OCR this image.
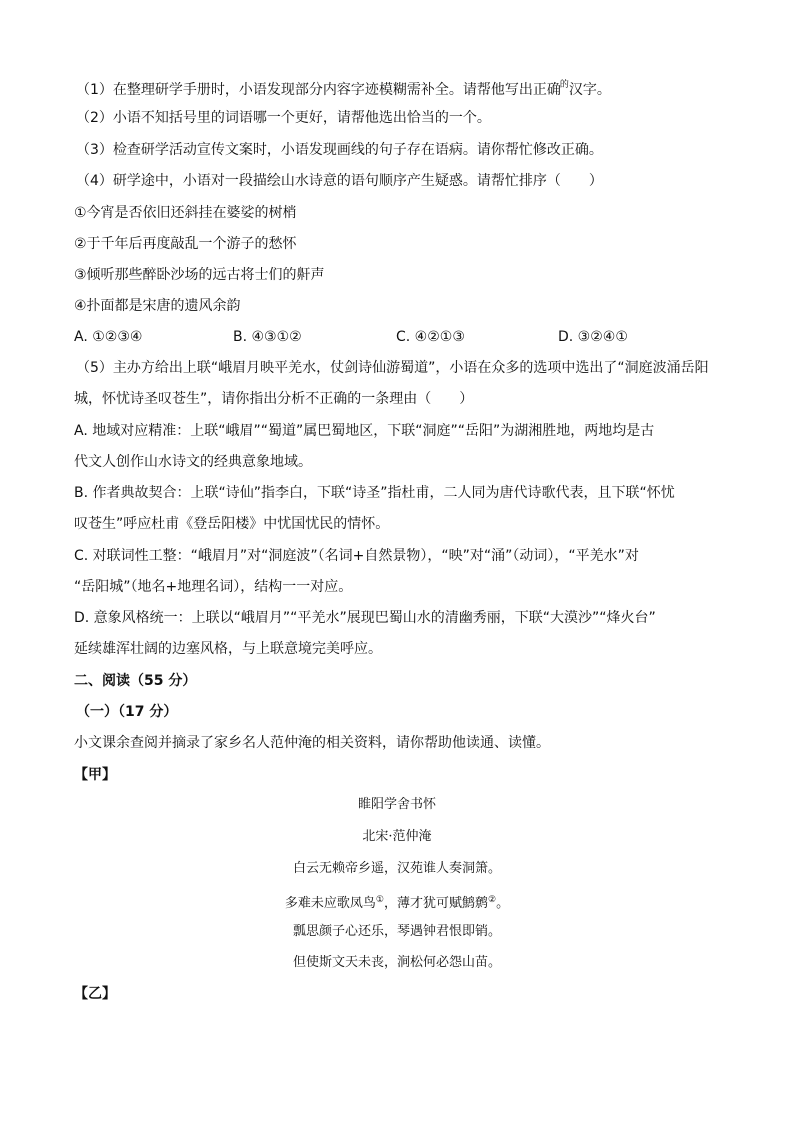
（1）在整理研学手册时，小语发现部分内容字迹模糊需补全。请帮他写出正确$^的$汉字。
（2）小语不知括号里的词语哪一个更好，请帮他选出恰当的一个。
（3）检查研学活动宣传文案时，小语发现画线的句子存在语病。请你帮忙修改正确。
（4）研学途中，小语对一段描绘山水诗意的语句顺序产生疑惑。请帮忙排序（　　）
①今宵是否依旧还斜挂在婆娑的树梢
②于千年后再度敲乱一个游子的愁怀
③倾听那些醉卧沙场的远古将士们的鼾声
④扑面都是宋唐的遗风余韵
A. ①②③④	B. ④③①②	C. ④②①③	D. ③②④①
（5）主办方给出上联“峨眉月映平羌水，仗剑诗仙游蜀道”，小语在众多的选项中选出了“洞庭波涌岳阳
城，怀忧诗圣叹苍生”，请你指出分析不正确的一条理由（　　）
A. 地域对应精准：上联“峨眉”“蜀道”属巴蜀地区，下联“洞庭”“岳阳”为湖湘胜地，两地均是古
代文人创作山水诗文的经典意象地域。
B. 作者典故契合：上联“诗仙”指李白，下联“诗圣”指杜甫，二人同为唐代诗歌代表，且下联“怀忧
叹苍生”呼应杜甫《登岳阳楼》中忧国忧民的情怀。
C. 对联词性工整：“峨眉月”对“洞庭波”（名词+自然景物），“映”对“涌”（动词），“平羌水”对
“岳阳城”（地名+地理名词），结构一一对应。
D. 意象风格统一：上联以“峨眉月”“平羌水”展现巴蜀山水的清幽秀丽，下联“大漠沙”“烽火台”
延续雄浑壮阔的边塞风格，与上联意境完美呼应。
二、阅读（55 分）
（一）（17 分）
小文课余查阅并摘录了家乡名人范仲淹的相关资料，请你帮助他读通、读懂。
【甲】
睢阳学舍书怀
北宋·范仲淹
白云无赖帝乡遥，汉苑谁人奏洞箫。
多难未应歌凤鸟①，薄才犹可赋鹪鹩②。
瓢思颜子心还乐，琴遇钟君恨即销。
但使斯文天未丧，涧松何必怨山苗。
【乙】
